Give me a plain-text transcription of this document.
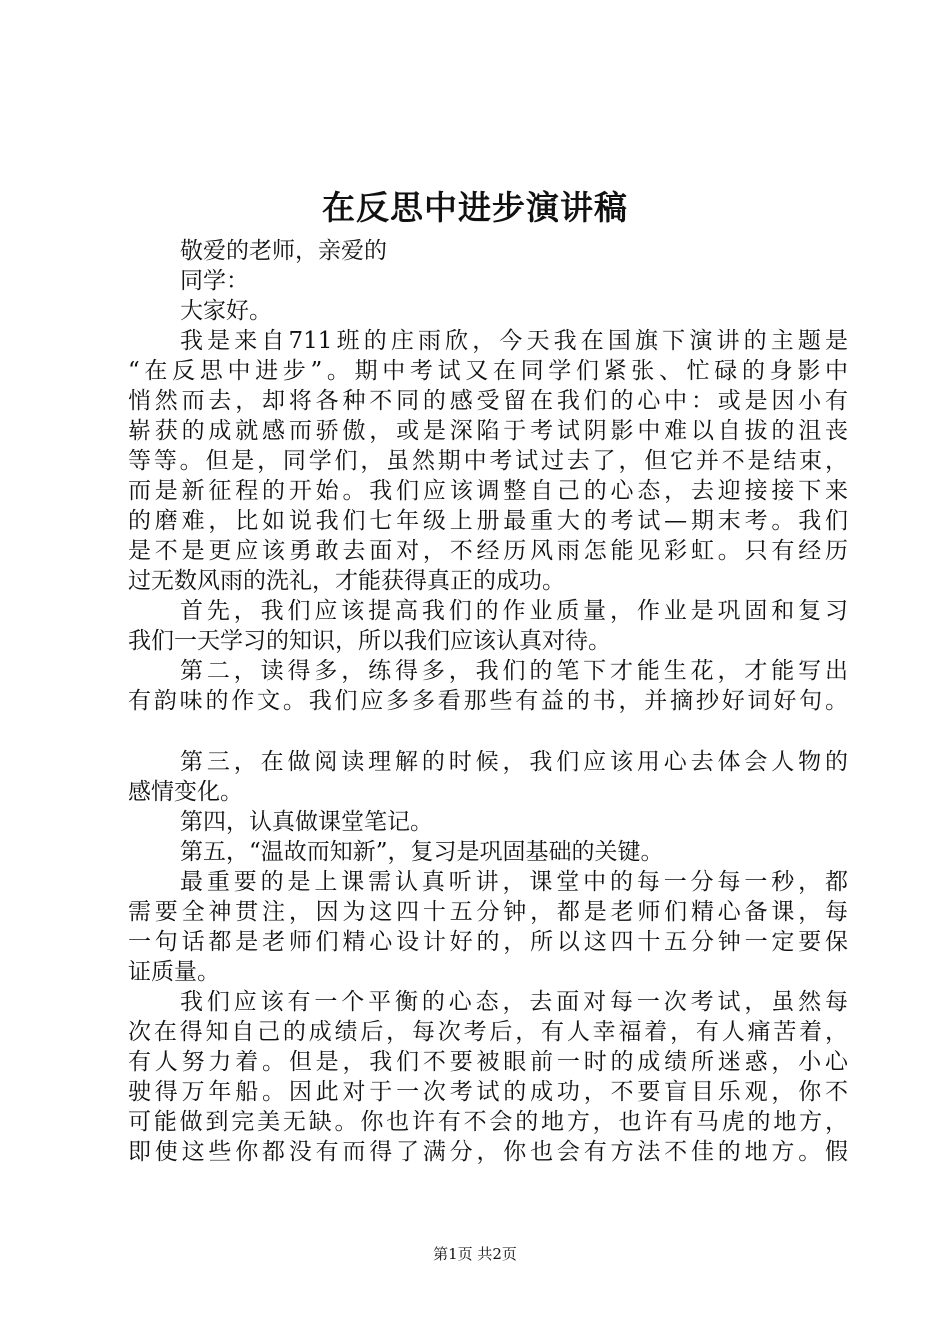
在反思中进步演讲稿
敬爱的老师，亲爱的
同学：
大家好。
我是来自711班的庄雨欣，今天我在国旗下演讲的主题是
“在反思中进步”。期中考试又在同学们紧张、忙碌的身影中
悄然而去，却将各种不同的感受留在我们的心中：或是因小有
崭获的成就感而骄傲，或是深陷于考试阴影中难以自拔的沮丧
等等。但是，同学们，虽然期中考试过去了，但它并不是结束，
而是新征程的开始。我们应该调整自己的心态，去迎接接下来
的磨难，比如说我们七年级上册最重大的考试—期末考。我们
是不是更应该勇敢去面对，不经历风雨怎能见彩虹。只有经历
过无数风雨的洗礼，才能获得真正的成功。
首先，我们应该提高我们的作业质量，作业是巩固和复习
我们一天学习的知识，所以我们应该认真对待。
第二，读得多，练得多，我们的笔下才能生花，才能写出
有韵味的作文。我们应多多看那些有益的书，并摘抄好词好句。
第三，在做阅读理解的时候，我们应该用心去体会人物的
感情变化。
第四，认真做课堂笔记。
第五，“温故而知新”，复习是巩固基础的关键。
最重要的是上课需认真听讲，课堂中的每一分每一秒，都
需要全神贯注，因为这四十五分钟，都是老师们精心备课，每
一句话都是老师们精心设计好的，所以这四十五分钟一定要保
证质量。
我们应该有一个平衡的心态，去面对每一次考试，虽然每
次在得知自己的成绩后，每次考后，有人幸福着，有人痛苦着，
有人努力着。但是，我们不要被眼前一时的成绩所迷惑，小心
驶得万年船。因此对于一次考试的成功，不要盲目乐观，你不
可能做到完美无缺。你也许有不会的地方，也许有马虎的地方，
即使这些你都没有而得了满分，你也会有方法不佳的地方。假
第1页 共2页
